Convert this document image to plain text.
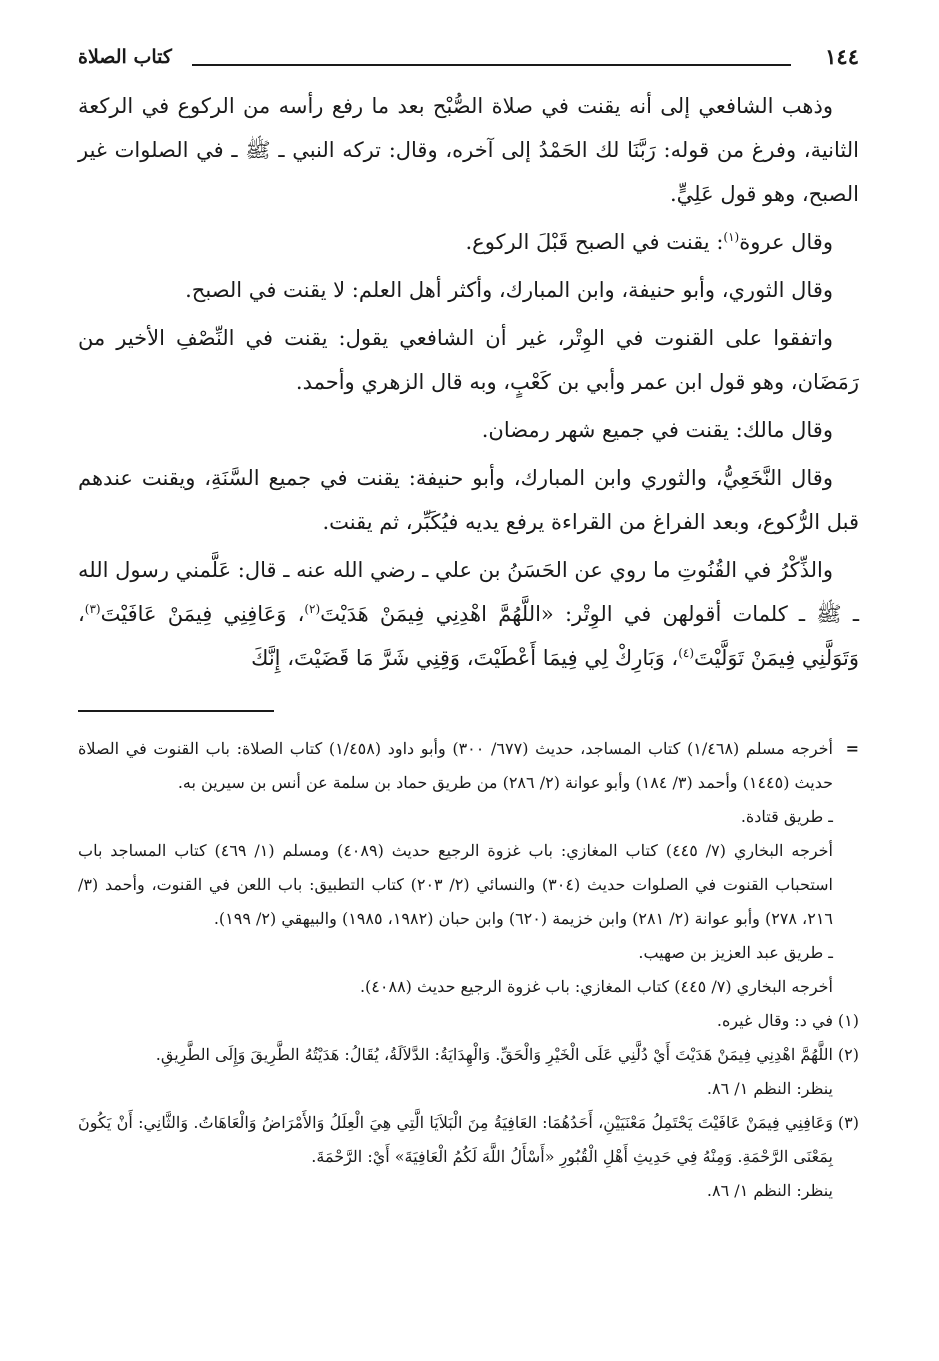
١٤٤
كتاب الصلاة

وذهب الشافعي إلى أنه يقنت في صلاة الصُّبْح بعد ما رفع رأسه من الركوع في الركعة الثانية، وفرغ من قوله: رَبَّنَا لك الحَمْدُ إلى آخره، وقال: تركه النبي ـ ﷺ ـ في الصلوات غير الصبح، وهو قول عَلِيٍّ.

وقال عروة$^{(١)}$: يقنت في الصبح قَبْلَ الركوع.

وقال الثوري، وأبو حنيفة، وابن المبارك، وأكثر أهل العلم: لا يقنت في الصبح.

واتفقوا على القنوت في الوِتْر، غير أن الشافعي يقول: يقنت في النِّصْفِ الأخير من رَمَضَان، وهو قول ابن عمر وأبي بن كَعْبٍ، وبه قال الزهري وأحمد.

وقال مالك: يقنت في جميع شهر رمضان.

وقال النَّخَعِيُّ، والثوري وابن المبارك، وأبو حنيفة: يقنت في جميع السَّنَةِ، ويقنت عندهم قبل الرُّكوع، وبعد الفراغ من القراءة يرفع يديه فيُكَبِّر، ثم يقنت.

والذِّكْرُ في القُنُوتِ ما روي عن الحَسَنُ بن علي ـ رضي الله عنه ـ قال: عَلَّمني رسول الله ـ ﷺ ـ كلمات أقولهن في الوِتْر: «اللَّهُمَّ اهْدِنِي فِيمَنْ هَدَيْتَ$^{(٢)}$، وَعَافِنِي فِيمَنْ عَافَيْتَ$^{(٣)}$، وَتَوَلَّنِي فِيمَنْ تَوَلَّيْتَ$^{(٤)}$، وَبَارِكْ لِي فِيمَا أَعْطَيْتَ، وَقِنِي شَرَّ مَا قَضَيْتَ، إِنَّكَ

=أخرجه مسلم (١/٤٦٨) كتاب المساجد، حديث (٦٧٧/ ٣٠٠) وأبو داود (١/٤٥٨) كتاب الصلاة: باب القنوت في الصلاة حديث (١٤٤٥) وأحمد (٣/ ١٨٤) وأبو عوانة (٢/ ٢٨٦) من طريق حماد بن سلمة عن أنس بن سيرين به.

ـ طريق قتادة.

أخرجه البخاري (٧/ ٤٤٥) كتاب المغازي: باب غزوة الرجيع حديث (٤٠٨٩) ومسلم (١/ ٤٦٩) كتاب المساجد باب استحباب القنوت في الصلوات حديث (٣٠٤) والنسائي (٢/ ٢٠٣) كتاب التطبيق: باب اللعن في القنوت، وأحمد (٣/ ٢١٦، ٢٧٨) وأبو عوانة (٢/ ٢٨١) وابن خزيمة (٦٢٠) وابن حبان (١٩٨٢، ١٩٨٥) والبيهقي (٢/ ١٩٩).

ـ طريق عبد العزيز بن صهيب.

أخرجه البخاري (٧/ ٤٤٥) كتاب المغازي: باب غزوة الرجيع حديث (٤٠٨٨).

(١)
في د: وقال غيره.

(٢)
اللَّهُمَّ اهْدِنِي فِيمَنْ هَدَيْتَ أَيْ دُلَّنِي عَلَى الْخَيْرِ وَالْحَقِّ. وَالْهِدَايَةُ: الدَّلاَلَةُ، يُقَالُ: هَدَيْتُهُ الطَّرِيقَ وَإِلَى الطَّرِيقِ.

ينظر: النظم ١/ ٨٦.

(٣)
وَعَافِنِي فِيمَنْ عَافَيْتَ يَحْتَمِلُ مَعْنَيَيْنِ، أَحَدُهُمَا: العَافِيَةُ مِنَ الْبَلاَيَا الَّتِي هِيَ الْعِلَلُ وَالأَمْرَاضُ وَالْعَاهَاتُ. وَالثَّانِي: أَنْ يَكُونَ بِمَعْنَى الرَّحْمَةِ. وَمِنْهُ فِي حَدِيثِ أَهْلِ الْقُبُورِ «أَسْأَلُ اللَّهَ لَكُمُ الْعَافِيَةَ» أَيْ: الرَّحْمَةَ.

ينظر: النظم ١/ ٨٦.
